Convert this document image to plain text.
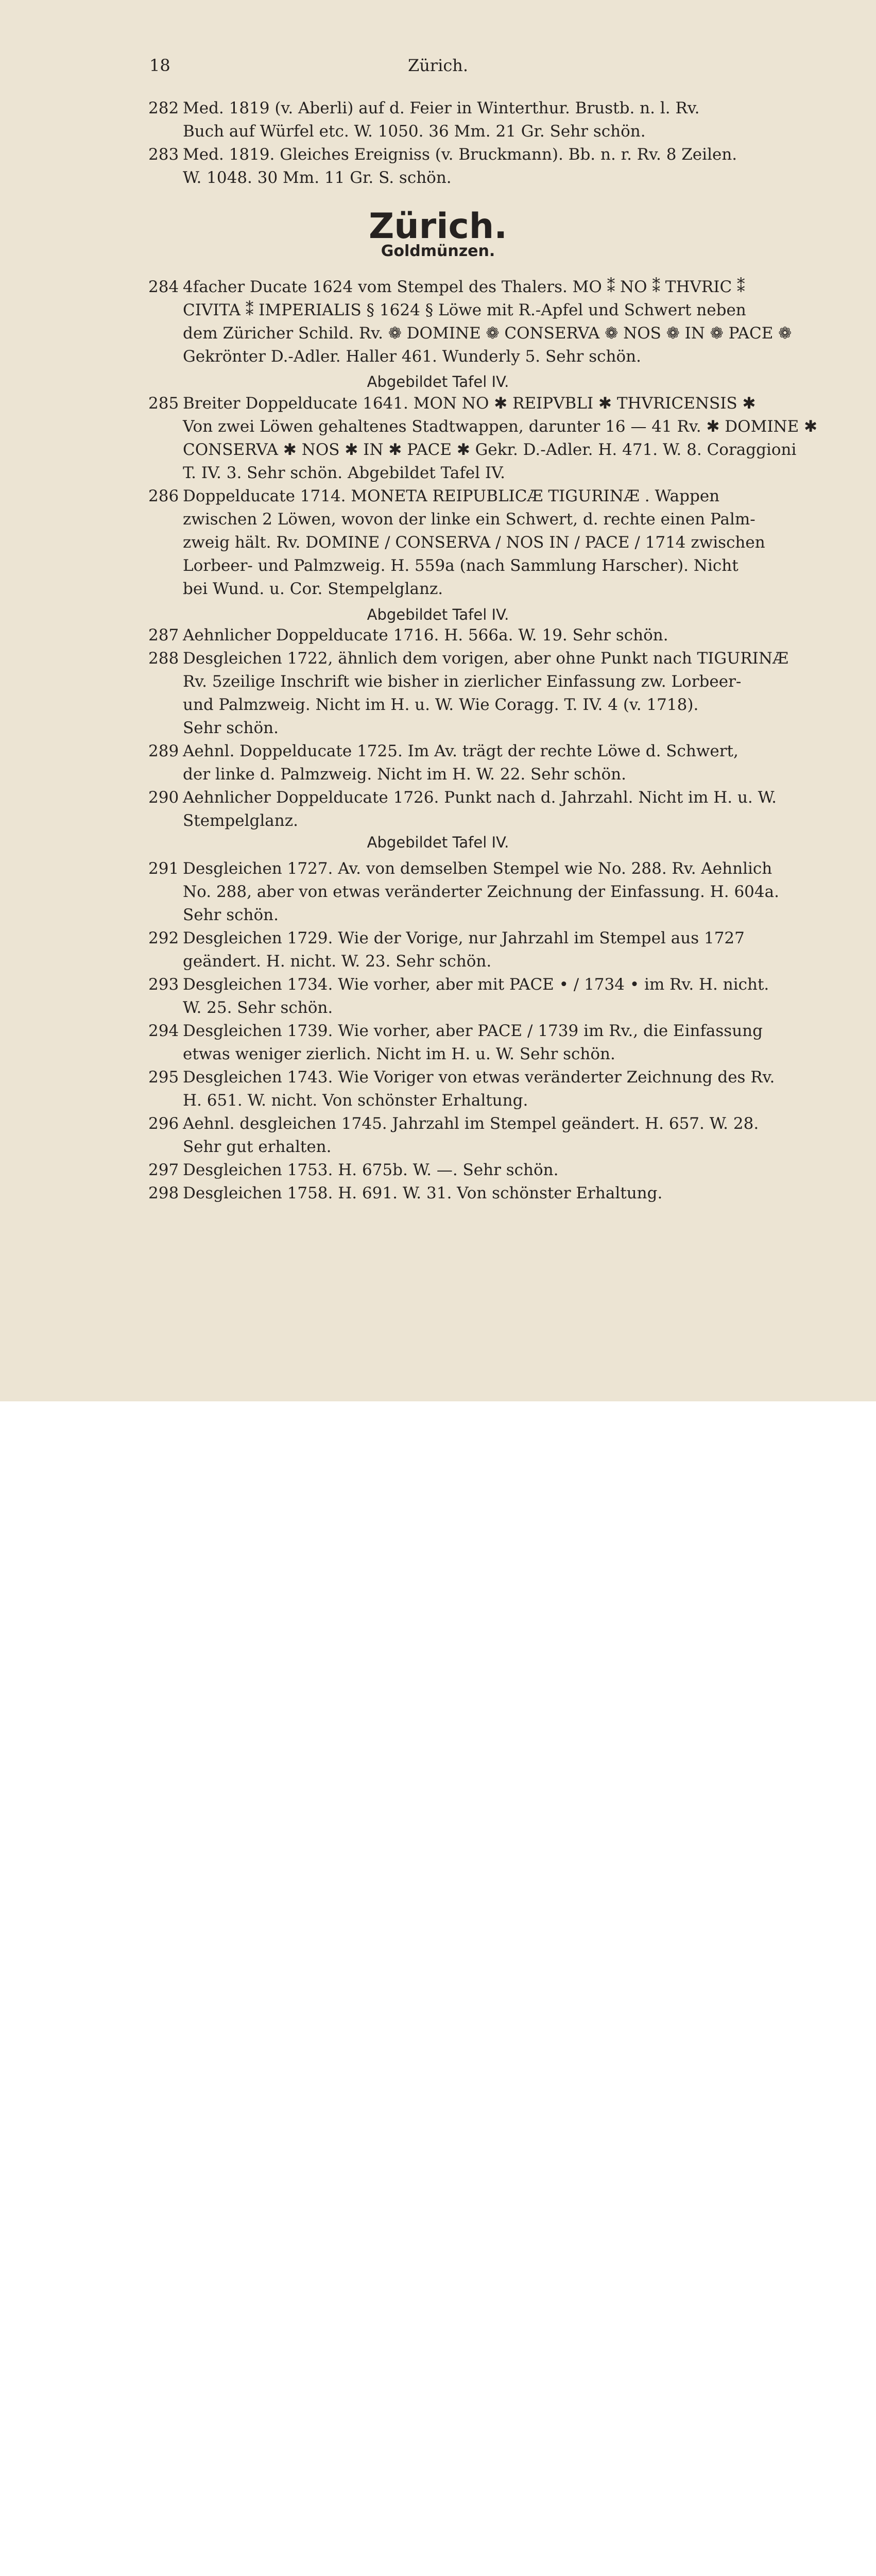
18	Zürich.
282 Med. 1819 (v. Aberli) auf d. Feier in Winterthur. Brustb. n. l. Rv.
Buch auf Würfel etc. W. 1050. 36 Mm. 21 Gr. Sehr schön.
283 Med. 1819. Gleiches Ereigniss (v. Bruckmann). Bb. n. r. Rv. 8 Zeilen.
W. 1048. 30 Mm. 11 Gr. S. schön.
Zürich.
Goldmünzen.
284 4facher Ducate 1624 vom Stempel des Thalers. MO ⁑ NO ⁑ THVRIC ⁑
CIVITA ⁑ IMPERIALIS § 1624 § Löwe mit R.-Apfel und Schwert neben
dem Züricher Schild. Rv. ❁ DOMINE ❁ CONSERVA ❁ NOS ❁ IN ❁ PACE ❁
Gekrönter D.-Adler. Haller 461. Wunderly 5. Sehr schön.
285 Breiter Doppelducate 1641. MON NO ✱ REIPVBLI ✱ THVRICENSIS ✱
Von zwei Löwen gehaltenes Stadtwappen, darunter 16 — 41 Rv. ✱ DOMINE ✱
CONSERVA ✱ NOS ✱ IN ✱ PACE ✱ Gekr. D.-Adler. H. 471. W. 8. Coraggioni
T. IV. 3. Sehr schön. Abgebildet Tafel IV.
286 Doppelducate 1714. MONETA REIPUBLICÆ TIGURINÆ . Wappen
zwischen 2 Löwen, wovon der linke ein Schwert, d. rechte einen Palm-
zweig hält. Rv. DOMINE / CONSERVA / NOS IN / PACE / 1714 zwischen
Lorbeer- und Palmzweig. H. 559a (nach Sammlung Harscher). Nicht
bei Wund. u. Cor. Stempelglanz.
287 Aehnlicher Doppelducate 1716. H. 566a. W. 19. Sehr schön.
288 Desgleichen 1722, ähnlich dem vorigen, aber ohne Punkt nach TIGURINÆ
Rv. 5zeilige Inschrift wie bisher in zierlicher Einfassung zw. Lorbeer-
und Palmzweig. Nicht im H. u. W. Wie Coragg. T. IV. 4 (v. 1718).
Sehr schön.
289 Aehnl. Doppelducate 1725. Im Av. trägt der rechte Löwe d. Schwert,
der linke d. Palmzweig. Nicht im H. W. 22. Sehr schön.
290 Aehnlicher Doppelducate 1726. Punkt nach d. Jahrzahl. Nicht im H. u. W.
Stempelglanz.
291 Desgleichen 1727. Av. von demselben Stempel wie No. 288. Rv. Aehnlich
No. 288, aber von etwas veränderter Zeichnung der Einfassung. H. 604a.
Sehr schön.
292 Desgleichen 1729. Wie der Vorige, nur Jahrzahl im Stempel aus 1727
geändert. H. nicht. W. 23. Sehr schön.
293 Desgleichen 1734. Wie vorher, aber mit PACE • / 1734 • im Rv. H. nicht.
W. 25. Sehr schön.
294 Desgleichen 1739. Wie vorher, aber PACE / 1739 im Rv., die Einfassung
etwas weniger zierlich. Nicht im H. u. W. Sehr schön.
295 Desgleichen 1743. Wie Voriger von etwas veränderter Zeichnung des Rv.
H. 651. W. nicht. Von schönster Erhaltung.
296 Aehnl. desgleichen 1745. Jahrzahl im Stempel geändert. H. 657. W. 28.
Sehr gut erhalten.
297 Desgleichen 1753. H. 675b. W. —. Sehr schön.
298 Desgleichen 1758. H. 691. W. 31. Von schönster Erhaltung.
Abgebildet Tafel IV.
Abgebildet Tafel IV.
Abgebildet Tafel IV.
